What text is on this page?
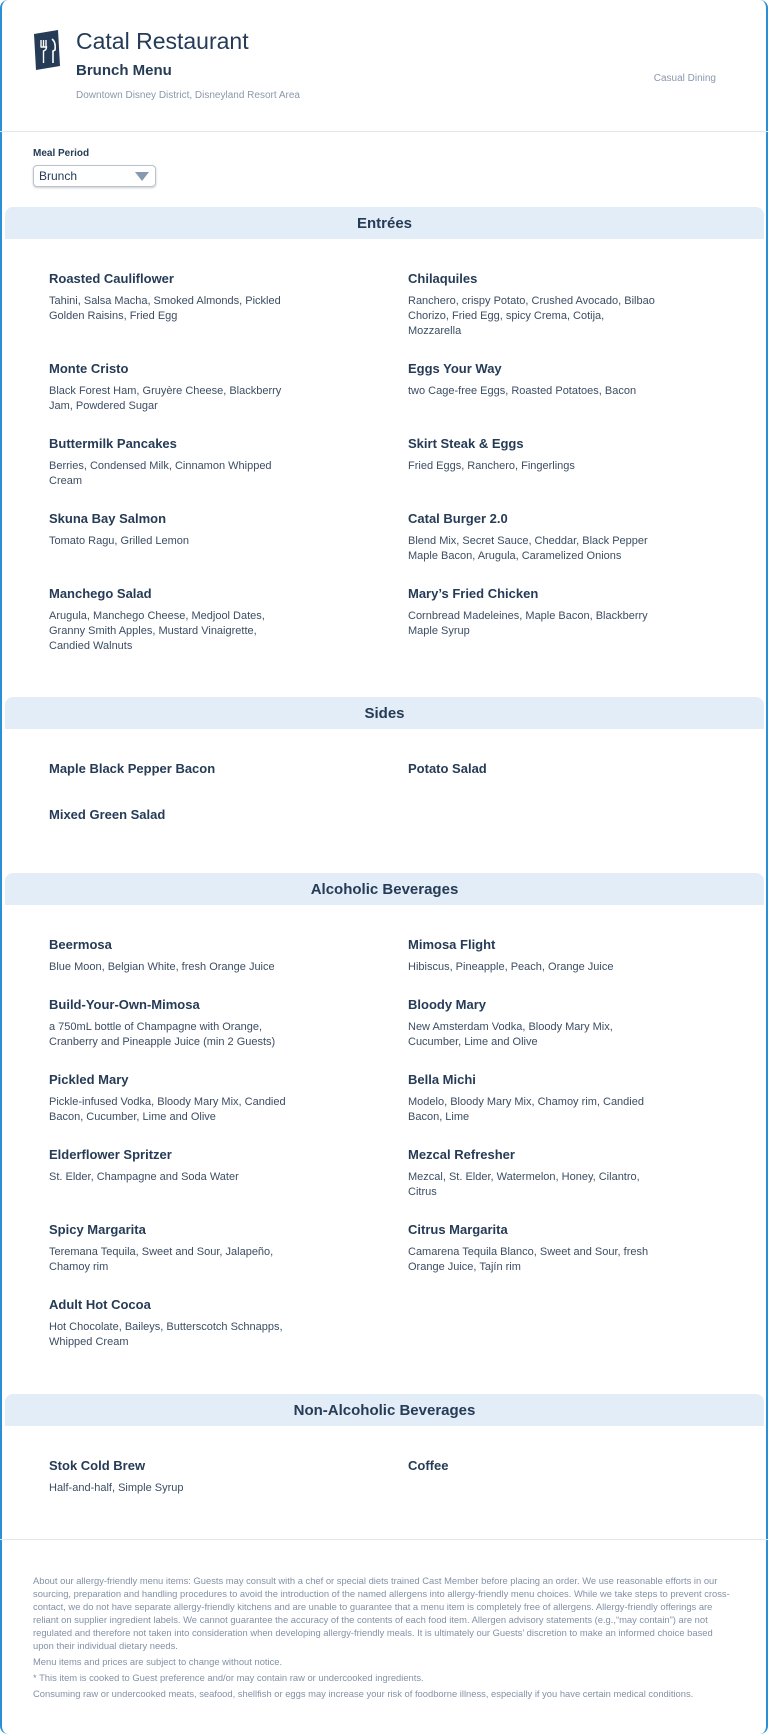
Catal Restaurant
Brunch Menu
Downtown Disney District, Disneyland Resort Area
Casual Dining
Meal Period
Brunch
Entrées
Roasted Cauliflower
Tahini, Salsa Macha, Smoked Almonds, Pickled Golden Raisins, Fried Egg
Chilaquiles
Ranchero, crispy Potato, Crushed Avocado, Bilbao Chorizo, Fried Egg, spicy Crema, Cotija, Mozzarella
Monte Cristo
Black Forest Ham, Gruyère Cheese, Blackberry Jam, Powdered Sugar
Eggs Your Way
two Cage-free Eggs, Roasted Potatoes, Bacon
Buttermilk Pancakes
Berries, Condensed Milk, Cinnamon Whipped Cream
Skirt Steak & Eggs
Fried Eggs, Ranchero, Fingerlings
Skuna Bay Salmon
Tomato Ragu, Grilled Lemon
Catal Burger 2.0
Blend Mix, Secret Sauce, Cheddar, Black Pepper Maple Bacon, Arugula, Caramelized Onions
Manchego Salad
Arugula, Manchego Cheese, Medjool Dates, Granny Smith Apples, Mustard Vinaigrette, Candied Walnuts
Mary’s Fried Chicken
Cornbread Madeleines, Maple Bacon, Blackberry Maple Syrup
Sides
Maple Black Pepper Bacon	Potato Salad
Mixed Green Salad
Alcoholic Beverages
Beermosa
Blue Moon, Belgian White, fresh Orange Juice
Mimosa Flight
Hibiscus, Pineapple, Peach, Orange Juice
Build-Your-Own-Mimosa
a 750mL bottle of Champagne with Orange, Cranberry and Pineapple Juice (min 2 Guests)
Bloody Mary
New Amsterdam Vodka, Bloody Mary Mix, Cucumber, Lime and Olive
Pickled Mary
Pickle-infused Vodka, Bloody Mary Mix, Candied Bacon, Cucumber, Lime and Olive
Bella Michi
Modelo, Bloody Mary Mix, Chamoy rim, Candied Bacon, Lime
Elderflower Spritzer
St. Elder, Champagne and Soda Water
Mezcal Refresher
Mezcal, St. Elder, Watermelon, Honey, Cilantro, Citrus
Spicy Margarita
Teremana Tequila, Sweet and Sour, Jalapeño, Chamoy rim
Citrus Margarita
Camarena Tequila Blanco, Sweet and Sour, fresh Orange Juice, Tajín rim
Adult Hot Cocoa
Hot Chocolate, Baileys, Butterscotch Schnapps, Whipped Cream
Non-Alcoholic Beverages
Stok Cold Brew
Half-and-half, Simple Syrup
Coffee

About our allergy-friendly menu items: Guests may consult with a chef or special diets trained Cast Member before placing an order. We use reasonable efforts in our sourcing, preparation and handling procedures to avoid the introduction of the named allergens into allergy-friendly menu choices. While we take steps to prevent cross-contact, we do not have separate allergy-friendly kitchens and are unable to guarantee that a menu item is completely free of allergens. Allergy-friendly offerings are reliant on supplier ingredient labels. We cannot guarantee the accuracy of the contents of each food item. Allergen advisory statements (e.g.,“may contain”) are not regulated and therefore not taken into consideration when developing allergy-friendly meals. It is ultimately our Guests’ discretion to make an informed choice based upon their individual dietary needs.

Menu items and prices are subject to change without notice.

* This item is cooked to Guest preference and/or may contain raw or undercooked ingredients.

Consuming raw or undercooked meats, seafood, shellfish or eggs may increase your risk of foodborne illness, especially if you have certain medical conditions.
